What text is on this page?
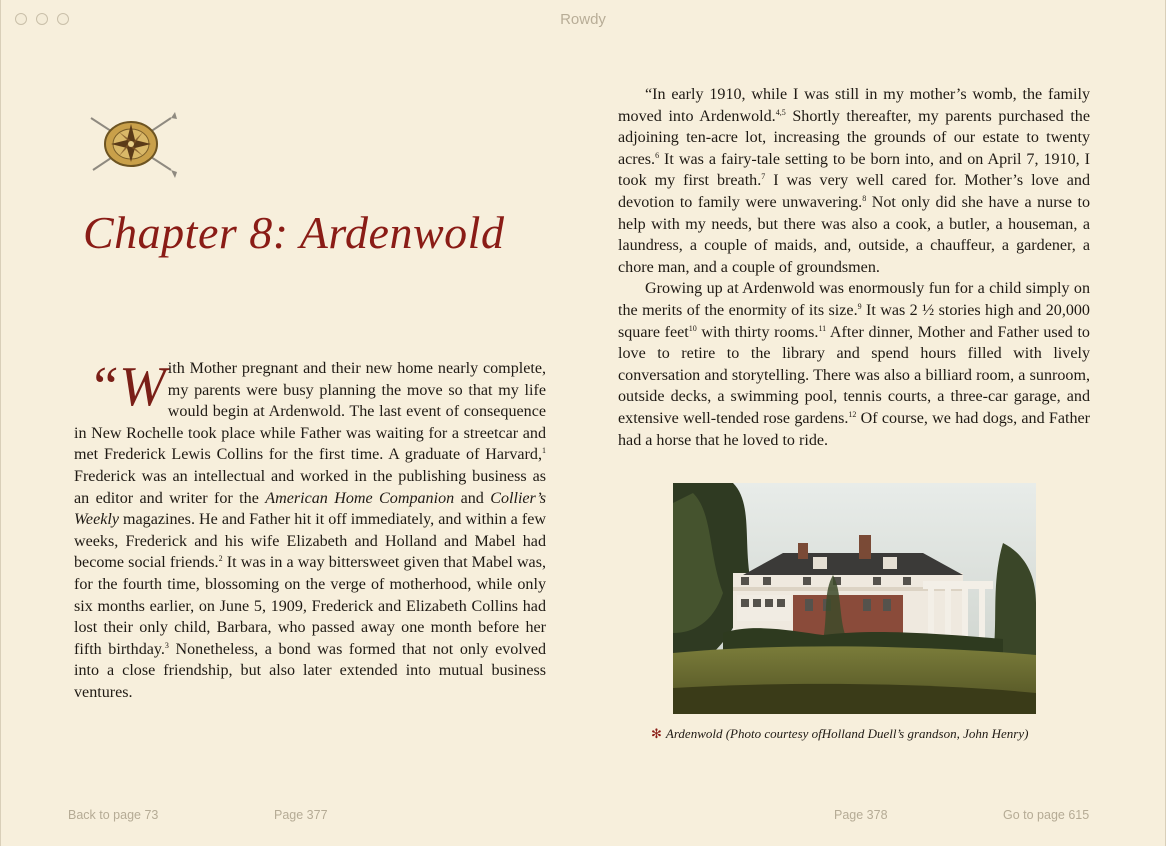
Rowdy
Chapter 8: Ardenwold

“With Mother pregnant and their new home nearly complete, my parents were busy planning the move so that my life would begin at Ardenwold. The last event of consequence in New Rochelle took place while Father was waiting for a streetcar and met Frederick Lewis Collins for the first time. A graduate of Harvard,$^1$ Frederick was an intellectual and worked in the publishing business as an editor and writer for the American Home Companion and Collier’s Weekly magazines. He and Father hit it off immediately, and within a few weeks, Frederick and his wife Elizabeth and Holland and Mabel had become social friends.$^2$ It was in a way bittersweet given that Mabel was, for the fourth time, blossoming on the verge of motherhood, while only six months earlier, on June 5, 1909, Frederick and Elizabeth Collins had lost their only child, Barbara, who passed away one month before her fifth birthday.$^3$ Nonetheless, a bond was formed that not only evolved into a close friendship, but also later extended into mutual business ventures.

“In early 1910, while I was still in my mother’s womb, the family moved into Ardenwold.$^{4,5}$ Shortly thereafter, my parents purchased the adjoining ten-acre lot, increasing the grounds of our estate to twenty acres.$^6$ It was a fairy-tale setting to be born into, and on April 7, 1910, I took my first breath.$^7$ I was very well cared for. Mother’s love and devotion to family were unwavering.$^8$ Not only did she have a nurse to help with my needs, but there was also a cook, a butler, a houseman, a laundress, a couple of maids, and, outside, a chauffeur, a gardener, a chore man, and a couple of groundsmen.

Growing up at Ardenwold was enormously fun for a child simply on the merits of the enormity of its size.$^9$ It was 2 ½ stories high and 20,000 square feet$^{10}$ with thirty rooms.$^{11}$ After dinner, Mother and Father used to love to retire to the library and spend hours filled with lively conversation and storytelling. There was also a billiard room, a sunroom, outside decks, a swimming pool, tennis courts, a three-car garage, and extensive well-tended rose gardens.$^{12}$ Of course, we had dogs, and Father had a horse that he loved to ride.

✻ Ardenwold (Photo courtesy ofHolland Duell’s grandson, John Henry)
Back to page 73	Page 377	Page 378	Go to page 615
